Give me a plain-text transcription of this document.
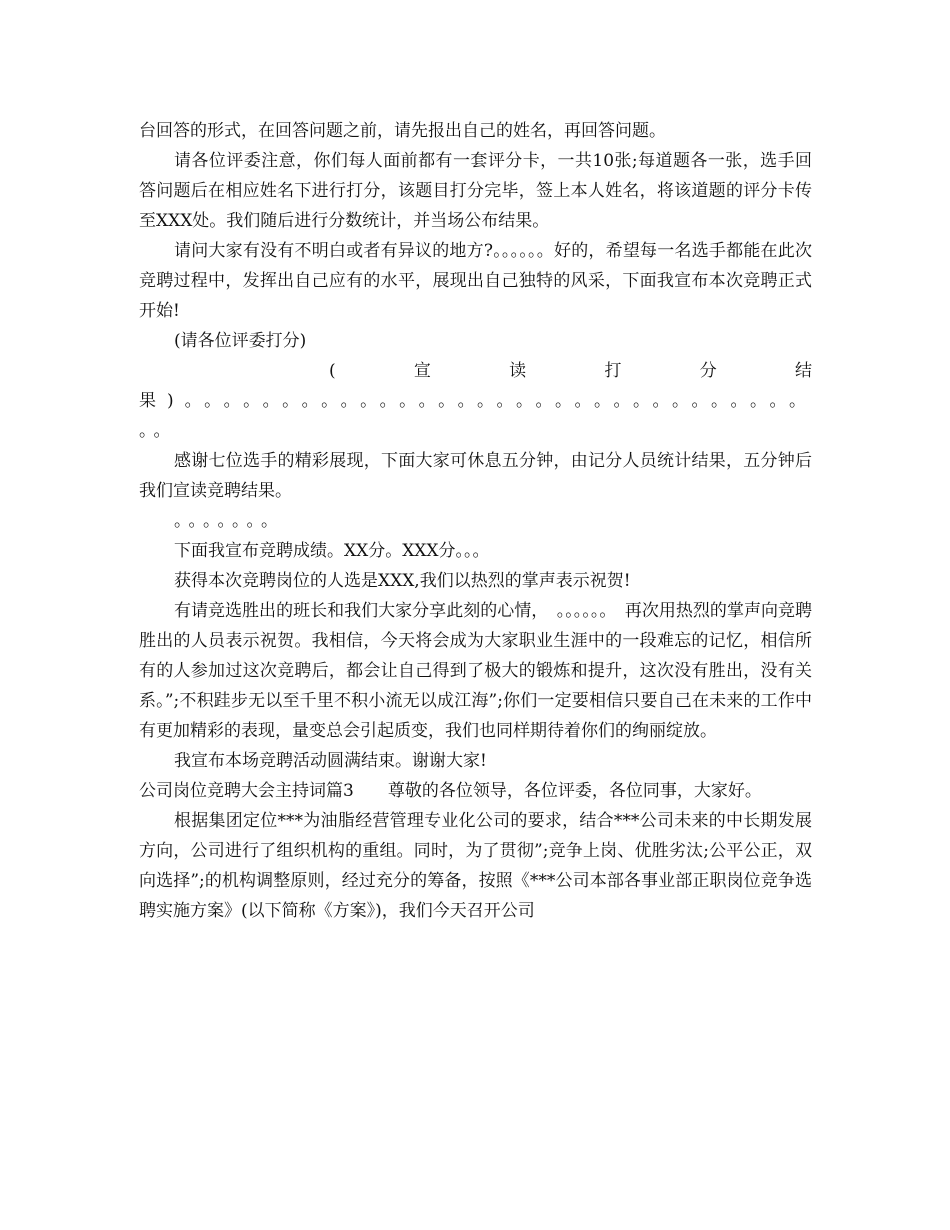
台回答的形式，在回答问题之前，请先报出自己的姓名，再回答问题。

请各位评委注意，你们每人面前都有一套评分卡，一共10张;每道题各一张，选手回答问题后在相应姓名下进行打分，该题目打分完毕，签上本人姓名，将该道题的评分卡传至XXX处。我们随后进行分数统计，并当场公布结果。

请问大家有没有不明白或者有异议的地方?。。。。。。好的，希望每一名选手都能在此次竞聘过程中，发挥出自己应有的水平，展现出自己独特的风采，下面我宣布本次竞聘正式开始!

(请各位评委打分)

(	宣	读	打	分	结

果)。。。。。。。。。。。。。。。。。。。。。。。。。。。。。。。。

。。

感谢七位选手的精彩展现，下面大家可休息五分钟，由记分人员统计结果，五分钟后我们宣读竞聘结果。

。。。。。。。

下面我宣布竞聘成绩。XX分。XXX分。。。

获得本次竞聘岗位的人选是XXX,我们以热烈的掌声表示祝贺!

有请竞选胜出的班长和我们大家分享此刻的心情，　。。。。。。　再次用热烈的掌声向竞聘胜出的人员表示祝贺。我相信，今天将会成为大家职业生涯中的一段难忘的记忆，相信所有的人参加过这次竞聘后，都会让自己得到了极大的锻炼和提升，这次没有胜出，没有关系。”;不积跬步无以至千里不积小流无以成江海”;你们一定要相信只要自己在未来的工作中有更加精彩的表现，量变总会引起质变，我们也同样期待着你们的绚丽绽放。

我宣布本场竞聘活动圆满结束。谢谢大家!

公司岗位竞聘大会主持词篇3　　尊敬的各位领导，各位评委，各位同事，大家好。

根据集团定位***为油脂经营管理专业化公司的要求，结合***公司未来的中长期发展方向，公司进行了组织机构的重组。同时，为了贯彻”;竞争上岗、优胜劣汰;公平公正，双向选择”;的机构调整原则，经过充分的筹备，按照《***公司本部各事业部正职岗位竞争选聘实施方案》(以下简称《方案》)，我们今天召开公司
